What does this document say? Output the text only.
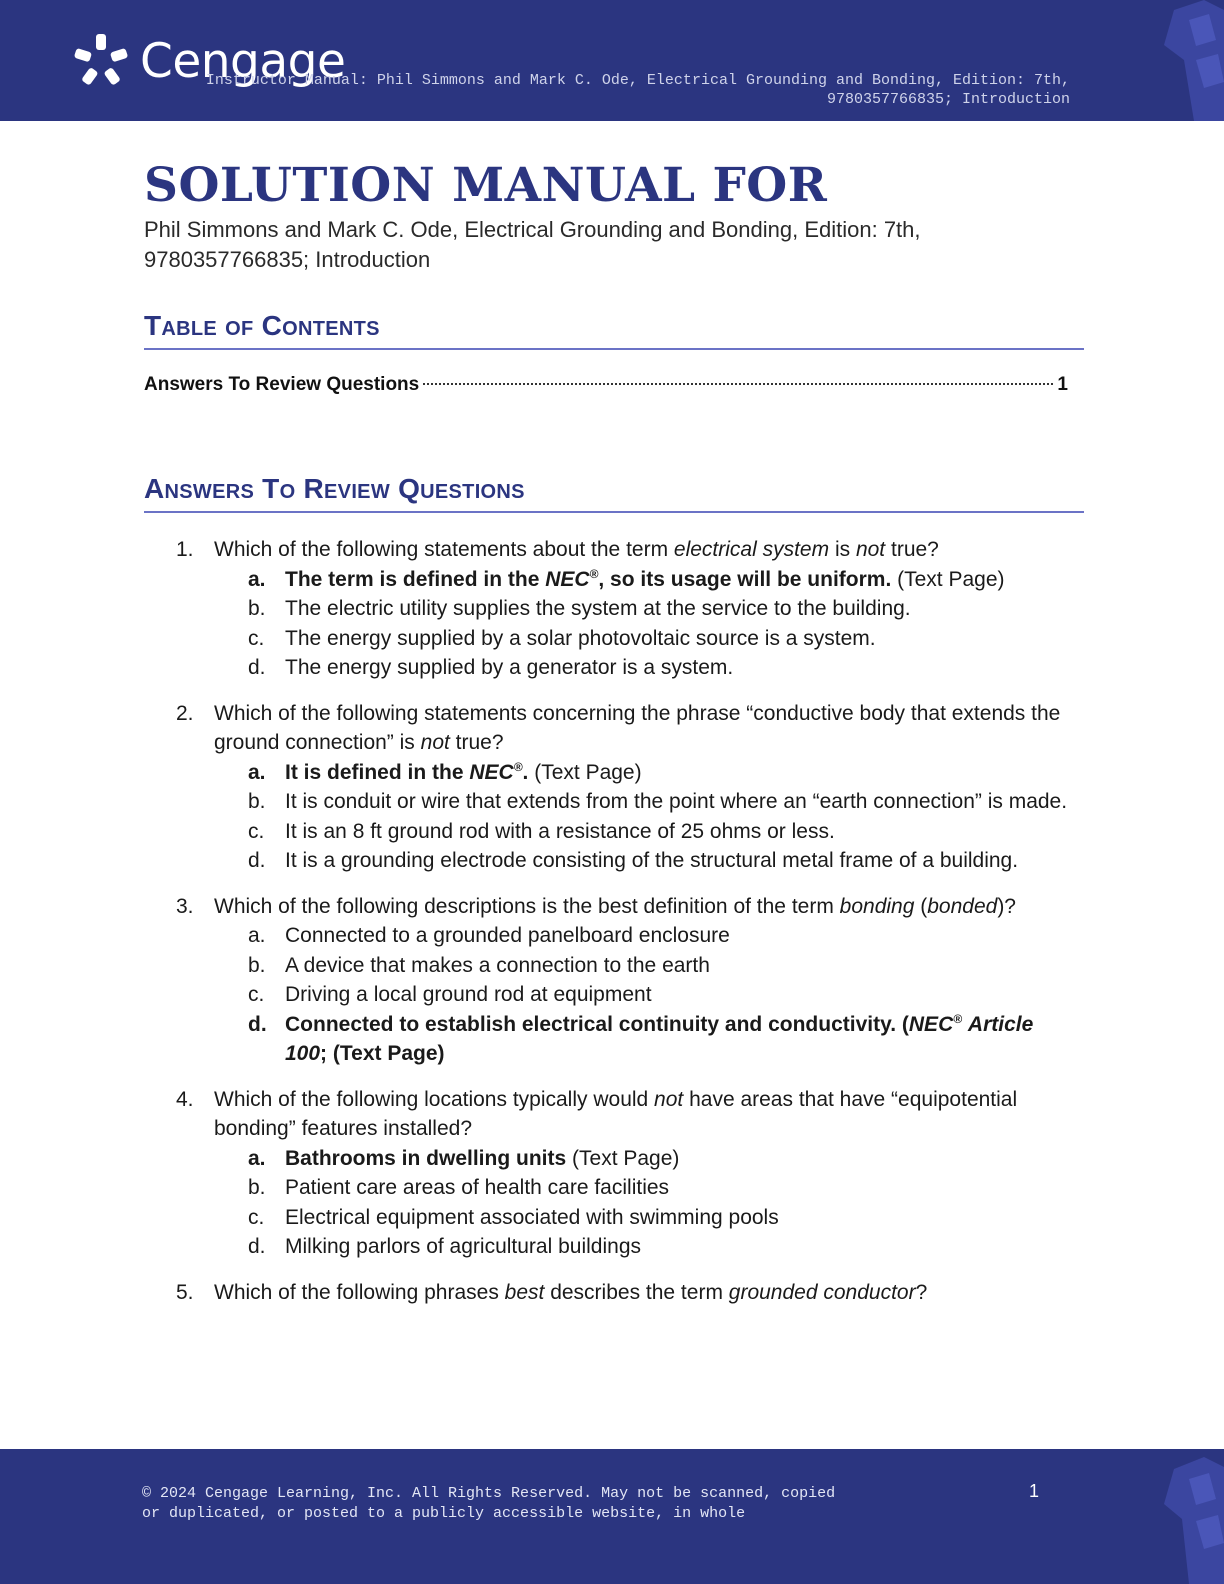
Cengage
Instructor Manual: Phil Simmons and Mark C. Ode, Electrical Grounding and Bonding, Edition: 7th,
9780357766835; Introduction
SOLUTION MANUAL FOR

Phil Simmons and Mark C. Ode, Electrical Grounding and Bonding, Edition: 7th, 9780357766835; Introduction

Table of Contents
Answers To Review Questions	1
Answers To Review Questions
1. Which of the following statements about the term electrical system is not true?
a. The term is defined in the NEC®, so its usage will be uniform. (Text Page)
b. The electric utility supplies the system at the service to the building.
c. The energy supplied by a solar photovoltaic source is a system.
d. The energy supplied by a generator is a system.
2. Which of the following statements concerning the phrase “conductive body that extends the ground connection” is not true?
a. It is defined in the NEC®. (Text Page)
b. It is conduit or wire that extends from the point where an “earth connection” is made.
c. It is an 8 ft ground rod with a resistance of 25 ohms or less.
d. It is a grounding electrode consisting of the structural metal frame of a building.
3. Which of the following descriptions is the best definition of the term bonding (bonded)?
a. Connected to a grounded panelboard enclosure
b. A device that makes a connection to the earth
c. Driving a local ground rod at equipment
d. Connected to establish electrical continuity and conductivity. (NEC® Article 100; (Text Page)
4. Which of the following locations typically would not have areas that have “equipotential bonding” features installed?
a. Bathrooms in dwelling units (Text Page)
b. Patient care areas of health care facilities
c. Electrical equipment associated with swimming pools
d. Milking parlors of agricultural buildings
5. Which of the following phrases best describes the term grounded conductor?
© 2024 Cengage Learning, Inc. All Rights Reserved. May not be scanned, copied or duplicated, or posted to a publicly accessible website, in whole
1
